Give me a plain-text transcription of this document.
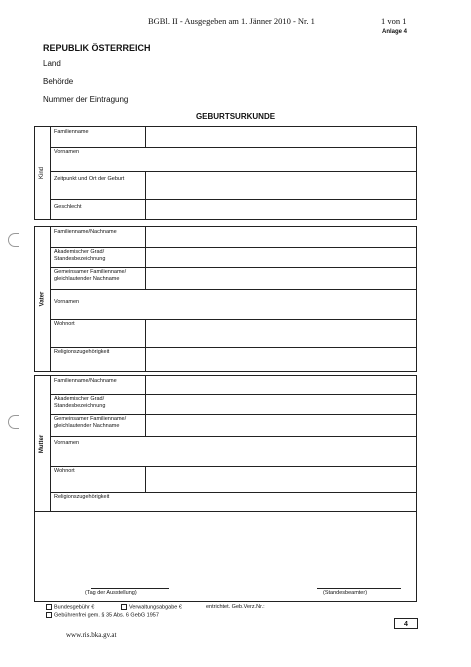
BGBl. II - Ausgegeben am 1. Jänner 2010 - Nr. 1	1 von 1
Anlage 4
REPUBLIK ÖSTERREICH
Land
Behörde
Nummer der Eintragung
GEBURTSURKUNDE
Kind
Familienname
Vornamen
Zeitpunkt und Ort der Geburt
Geschlecht
Vater
Familienname/Nachname
Akademischer Grad/ Standesbezeichnung
Gemeinsamer Familienname/ gleichlautender Nachname
Vornamen
Wohnort
Religionszugehörigkeit
Mutter
Familienname/Nachname
Akademischer Grad/ Standesbezeichnung
Gemeinsamer Familienname/ gleichlautender Nachname
Vornamen
Wohnort
Religionszugehörigkeit
(Tag der Ausstellung)	(Standesbeamter)
Bundesgebühr €	Verwaltungsabgabe €	entrichtet. Geb.Verz.Nr.:
Gebührenfrei gem. § 35 Abs. 6 GebG 1957
4
www.ris.bka.gv.at
